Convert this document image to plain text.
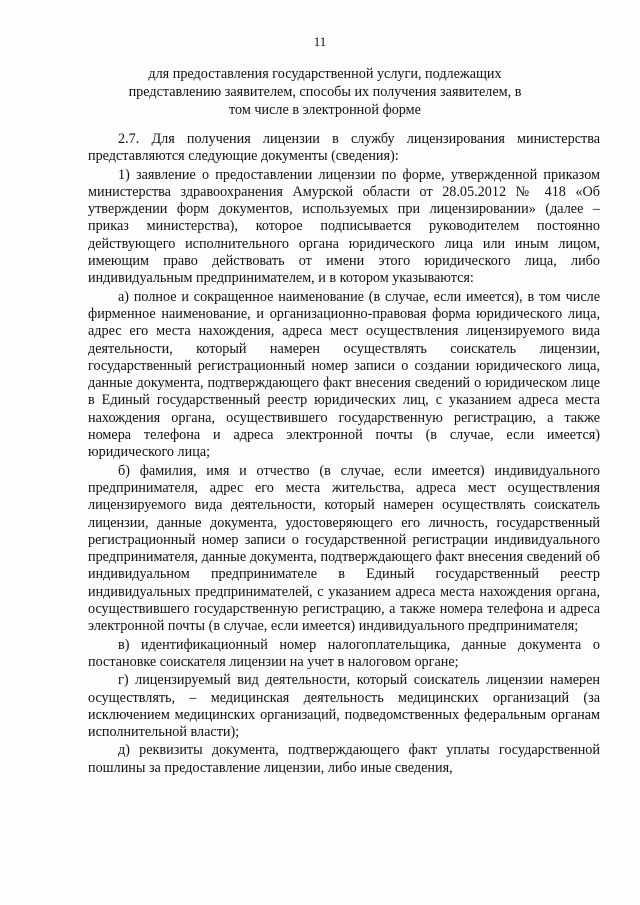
11
для предоставления государственной услуги, подлежащих представлению заявителем, способы их получения заявителем, в том числе в электронной форме

2.7. Для получения лицензии в службу лицензирования министерства представляются следующие документы (сведения):

1) заявление о предоставлении лицензии по форме, утвержденной приказом министерства здравоохранения Амурской области от 28.05.2012 № 418 «Об утверждении форм документов, используемых при лицензировании» (далее – приказ министерства), которое подписывается руководителем постоянно действующего исполнительного органа юридического лица или иным лицом, имеющим право действовать от имени этого юридического лица, либо индивидуальным предпринимателем, и в котором указываются:

а) полное и сокращенное наименование (в случае, если имеется), в том числе фирменное наименование, и организационно-правовая форма юридического лица, адрес его места нахождения, адреса мест осуществления лицензируемого вида деятельности, который намерен осуществлять соискатель лицензии, государственный регистрационный номер записи о создании юридического лица, данные документа, подтверждающего факт внесения сведений о юридическом лице в Единый государственный реестр юридических лиц, с указанием адреса места нахождения органа, осуществившего государственную регистрацию, а также номера телефона и адреса электронной почты (в случае, если имеется) юридического лица;

б) фамилия, имя и отчество (в случае, если имеется) индивидуального предпринимателя, адрес его места жительства, адреса мест осуществления лицензируемого вида деятельности, который намерен осуществлять соискатель лицензии, данные документа, удостоверяющего его личность, государственный регистрационный номер записи о государственной регистрации индивидуального предпринимателя, данные документа, подтверждающего факт внесения сведений об индивидуальном предпринимателе в Единый государственный реестр индивидуальных предпринимателей, с указанием адреса места нахождения органа, осуществившего государственную регистрацию, а также номера телефона и адреса электронной почты (в случае, если имеется) индивидуального предпринимателя;

в) идентификационный номер налогоплательщика, данные документа о постановке соискателя лицензии на учет в налоговом органе;

г) лицензируемый вид деятельности, который соискатель лицензии намерен осуществлять, – медицинская деятельность медицинских организаций (за исключением медицинских организаций, подведомственных федеральным органам исполнительной власти);

д) реквизиты документа, подтверждающего факт уплаты государственной пошлины за предоставление лицензии, либо иные сведения,
